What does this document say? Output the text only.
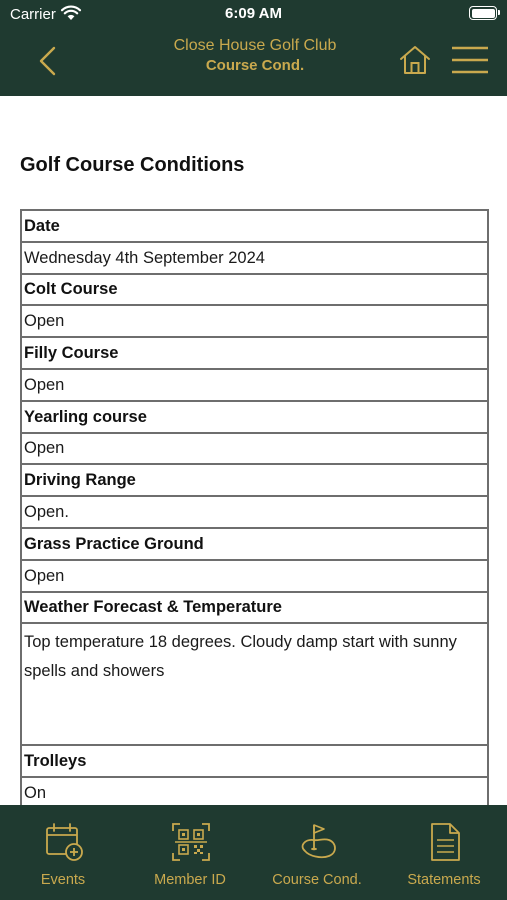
Carrier	6:09 AM
Close House Golf Club
Course Cond.
Golf Course Conditions
Date
Wednesday 4th September 2024
Colt Course
Open
Filly Course
Open
Yearling course
Open
Driving Range
Open.
Grass Practice Ground
Open
Weather Forecast & Temperature
Top temperature 18 degrees. Cloudy damp start with sunny spells and showers
Trolleys
On

Events	Member ID	Course Cond.	Statements
